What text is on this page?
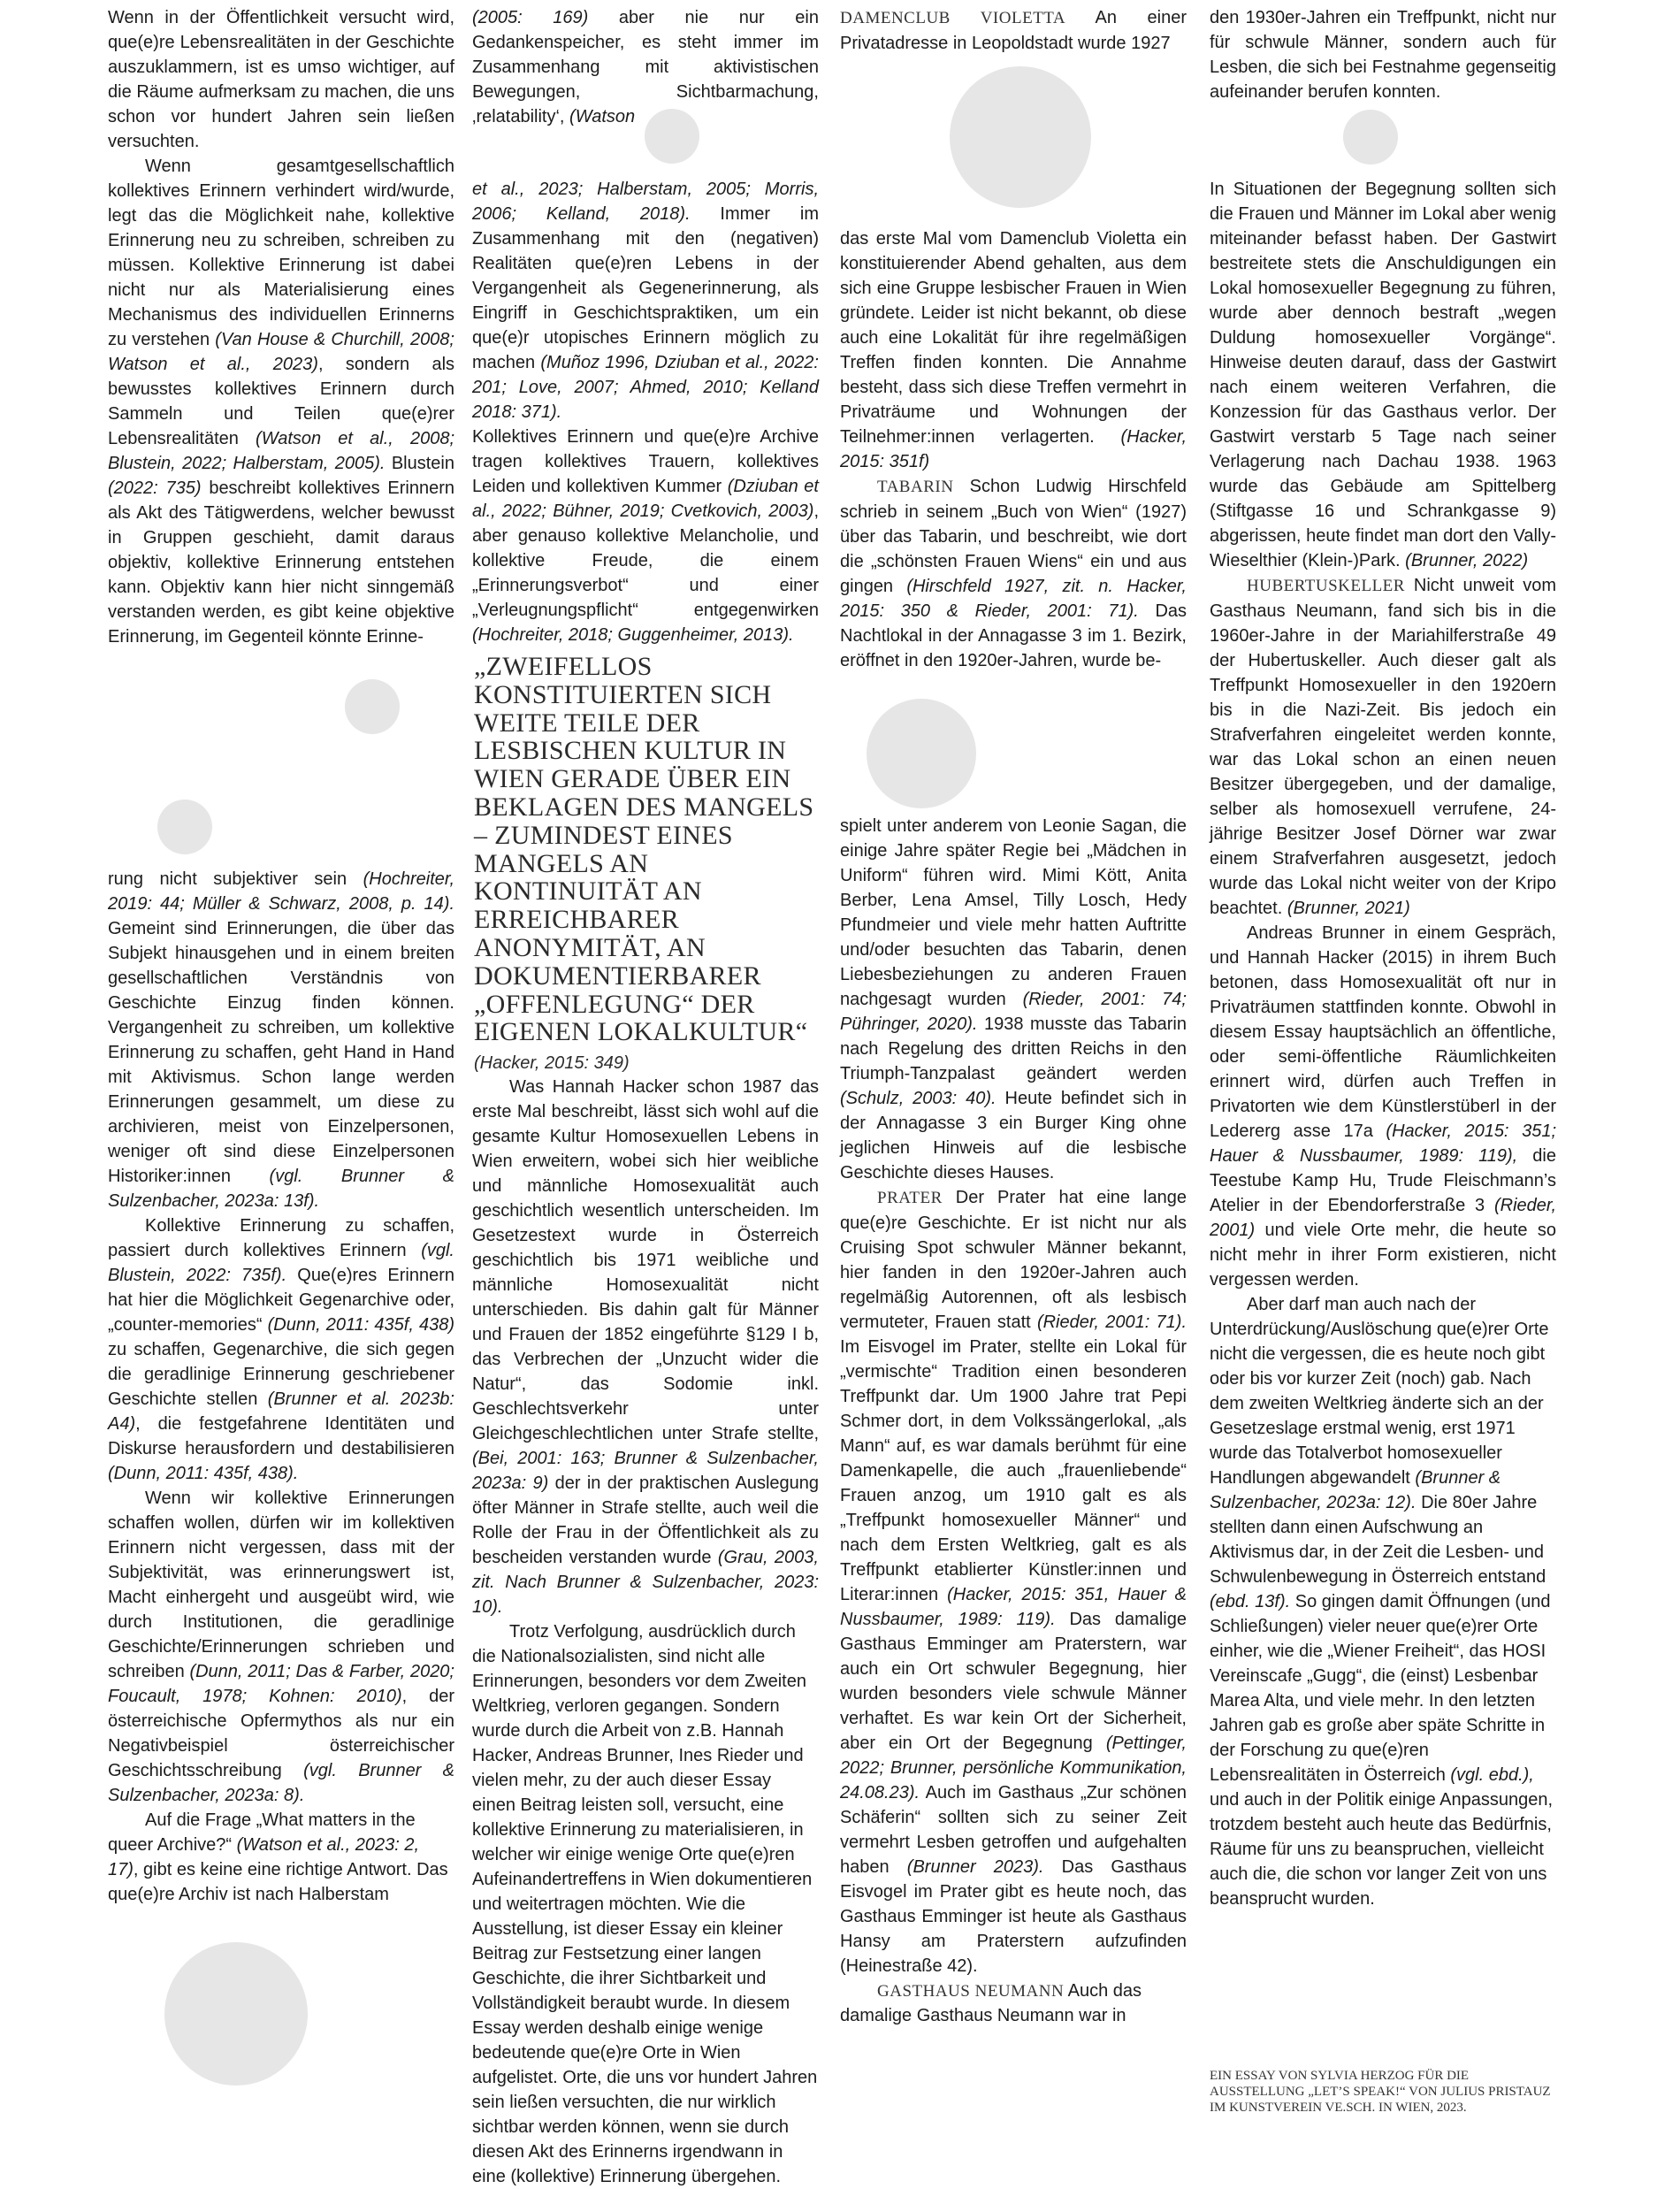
Wenn in der Öffentlichkeit versucht wird, que(e)re Lebensrealitäten in der Geschichte auszuklammern, ist es umso wichtiger, auf die Räume aufmerksam zu machen, die uns schon vor hundert Jahren sein ließen versuchten.

Wenn gesamtgesellschaftlich kollektives Erinnern verhindert wird/wurde, legt das die Möglichkeit nahe, kollektive Erinnerung neu zu schreiben, schreiben zu müssen. Kollektive Erinnerung ist dabei nicht nur als Materialisierung eines Mechanismus des individuellen Erinnerns zu verstehen (Van House & Churchill, 2008; Watson et al., 2023), sondern als bewusstes kollektives Erinnern durch Sammeln und Teilen que(e)rer Lebensrealitäten (Watson et al., 2008; Blustein, 2022; Halberstam, 2005). Blustein (2022: 735) beschreibt kollektives Erinnern als Akt des Tätigwerdens, welcher bewusst in Gruppen geschieht, damit daraus objektiv, kollektive Erinnerung entstehen kann. Objektiv kann hier nicht sinngemäß verstanden werden, es gibt keine objektive Erinnerung, im Gegenteil könnte Erinne-

rung nicht subjektiver sein (Hochreiter, 2019: 44; Müller & Schwarz, 2008, p. 14). Gemeint sind Erinnerungen, die über das Subjekt hinausgehen und in einem breiten gesellschaftlichen Verständnis von Geschichte Einzug finden können. Vergangenheit zu schreiben, um kollektive Erinnerung zu schaffen, geht Hand in Hand mit Aktivismus. Schon lange werden Erinnerungen gesammelt, um diese zu archivieren, meist von Einzelpersonen, weniger oft sind diese Einzelpersonen Historiker:innen (vgl. Brunner & Sulzenbacher, 2023a: 13f).

Kollektive Erinnerung zu schaffen, passiert durch kollektives Erinnern (vgl. Blustein, 2022: 735f). Que(e)res Erinnern hat hier die Möglichkeit Gegenarchive oder, „counter-memories“ (Dunn, 2011: 435f, 438) zu schaffen, Gegenarchive, die sich gegen die geradlinige Erinnerung geschriebener Geschichte stellen (Brunner et al. 2023b: A4), die festgefahrene Identitäten und Diskurse herausfordern und destabilisieren (Dunn, 2011: 435f, 438).

Wenn wir kollektive Erinnerungen schaffen wollen, dürfen wir im kollektiven Erinnern nicht vergessen, dass mit der Subjektivität, was erinnerungswert ist, Macht einhergeht und ausgeübt wird, wie durch Institutionen, die geradlinige Geschichte/Erinnerungen schrieben und schreiben (Dunn, 2011; Das & Farber, 2020; Foucault, 1978; Kohnen: 2010), der österreichische Opfermythos als nur ein Negativbeispiel österreichischer Geschichtsschreibung (vgl. Brunner & Sulzenbacher, 2023a: 8).

Auf die Frage „What matters in the queer Archive?“ (Watson et al., 2023: 2, 17), gibt es keine eine richtige Antwort. Das que(e)re Archiv ist nach Halberstam

(2005: 169) aber nie nur ein Gedankenspeicher, es steht immer im Zusammenhang mit aktivistischen Bewegungen, Sichtbarmachung, ‚relatability‘, (Watson

et al., 2023; Halberstam, 2005; Morris, 2006; Kelland, 2018). Immer im Zusammenhang mit den (negativen) Realitäten que(e)ren Lebens in der Vergangenheit als Gegenerinnerung, als Eingriff in Geschichtspraktiken, um ein que(e)r utopisches Erinnern möglich zu machen (Muñoz 1996, Dziuban et al., 2022: 201; Love, 2007; Ahmed, 2010; Kelland 2018: 371).

Kollektives Erinnern und que(e)re Archive tragen kollektives Trauern, kollektives Leiden und kollektiven Kummer (Dziuban et al., 2022; Bühner, 2019; Cvetkovich, 2003), aber genauso kollektive Melancholie, und kollektive Freude, die einem „Erinnerungsverbot“ und einer „Verleugnungspflicht“ entgegenwirken (Hochreiter, 2018; Guggenheimer, 2013).

„ZWEIFELLOS KONSTITUIERTEN SICH WEITE TEILE DER LESBISCHEN KULTUR IN WIEN GERADE ÜBER EIN BEKLAGEN DES MANGELS – ZUMINDEST EINES MANGELS AN KONTINUITÄT AN ERREICHBARER ANONYMITÄT, AN DOKUMENTIERBARER „OFFENLEGUNG“ DER EIGENEN LOKALKULTUR“ (Hacker, 2015: 349)

Was Hannah Hacker schon 1987 das erste Mal beschreibt, lässt sich wohl auf die gesamte Kultur Homosexuellen Lebens in Wien erweitern, wobei sich hier weibliche und männliche Homosexualität auch geschichtlich wesentlich unterscheiden. Im Gesetzestext wurde in Österreich geschichtlich bis 1971 weibliche und männliche Homosexualität nicht unterschieden. Bis dahin galt für Männer und Frauen der 1852 eingeführte §129 I b, das Verbrechen der „Unzucht wider die Natur“, das Sodomie inkl. Geschlechtsverkehr unter Gleichgeschlechtlichen unter Strafe stellte, (Bei, 2001: 163; Brunner & Sulzenbacher, 2023a: 9) der in der praktischen Auslegung öfter Männer in Strafe stellte, auch weil die Rolle der Frau in der Öffentlichkeit als zu bescheiden verstanden wurde (Grau, 2003, zit. Nach Brunner & Sulzenbacher, 2023: 10).

Trotz Verfolgung, ausdrücklich durch die Nationalsozialisten, sind nicht alle Erinnerungen, besonders vor dem Zweiten Weltkrieg, verloren gegangen. Sondern wurde durch die Arbeit von z.B. Hannah Hacker, Andreas Brunner, Ines Rieder und vielen mehr, zu der auch dieser Essay einen Beitrag leisten soll, versucht, eine kollektive Erinnerung zu materialisieren, in welcher wir einige wenige Orte que(e)ren Aufeinandertreffens in Wien dokumentieren und weitertragen möchten. Wie die Ausstellung, ist dieser Essay ein kleiner Beitrag zur Festsetzung einer langen Geschichte, die ihrer Sichtbarkeit und Vollständigkeit beraubt wurde. In diesem Essay werden deshalb einige wenige bedeutende que(e)re Orte in Wien aufgelistet. Orte, die uns vor hundert Jahren sein ließen versuchten, die nur wirklich sichtbar werden können, wenn sie durch diesen Akt des Erinnerns irgendwann in eine (kollektive) Erinnerung übergehen.

DAMENCLUB VIOLETTA An einer Privatadresse in Leopoldstadt wurde 1927

das erste Mal vom Damenclub Violetta ein konstituierender Abend gehalten, aus dem sich eine Gruppe lesbischer Frauen in Wien gründete. Leider ist nicht bekannt, ob diese auch eine Lokalität für ihre regelmäßigen Treffen finden konnten. Die Annahme besteht, dass sich diese Treffen vermehrt in Privaträume und Wohnungen der Teilnehmer:innen verlagerten. (Hacker, 2015: 351f)

TABARIN Schon Ludwig Hirschfeld schrieb in seinem „Buch von Wien“ (1927) über das Tabarin, und beschreibt, wie dort die „schönsten Frauen Wiens“ ein und aus gingen (Hirschfeld 1927, zit. n. Hacker, 2015: 350 & Rieder, 2001: 71). Das Nachtlokal in der Annagasse 3 im 1. Bezirk, eröffnet in den 1920er-Jahren, wurde be-

spielt unter anderem von Leonie Sagan, die einige Jahre später Regie bei „Mädchen in Uniform“ führen wird. Mimi Kött, Anita Berber, Lena Amsel, Tilly Losch, Hedy Pfundmeier und viele mehr hatten Auftritte und/oder besuchten das Tabarin, denen Liebesbeziehungen zu anderen Frauen nachgesagt wurden (Rieder, 2001: 74; Pühringer, 2020). 1938 musste das Tabarin nach Regelung des dritten Reichs in den Triumph-Tanzpalast geändert werden (Schulz, 2003: 40). Heute befindet sich in der Annagasse 3 ein Burger King ohne jeglichen Hinweis auf die lesbische Geschichte dieses Hauses.

PRATER Der Prater hat eine lange que(e)re Geschichte. Er ist nicht nur als Cruising Spot schwuler Männer bekannt, hier fanden in den 1920er-Jahren auch regelmäßig Autorennen, oft als lesbisch vermuteter, Frauen statt (Rieder, 2001: 71). Im Eisvogel im Prater, stellte ein Lokal für „vermischte“ Tradition einen besonderen Treffpunkt dar. Um 1900 Jahre trat Pepi Schmer dort, in dem Volkssängerlokal, „als Mann“ auf, es war damals berühmt für eine Damenkapelle, die auch „frauenliebende“ Frauen anzog, um 1910 galt es als „Treffpunkt homosexueller Männer“ und nach dem Ersten Weltkrieg, galt es als Treffpunkt etablierter Künstler:innen und Literar:innen (Hacker, 2015: 351, Hauer & Nussbaumer, 1989: 119). Das damalige Gasthaus Emminger am Praterstern, war auch ein Ort schwuler Begegnung, hier wurden besonders viele schwule Männer verhaftet. Es war kein Ort der Sicherheit, aber ein Ort der Begegnung (Pettinger, 2022; Brunner, persönliche Kommunikation, 24.08.23). Auch im Gasthaus „Zur schönen Schäferin“ sollten sich zu seiner Zeit vermehrt Lesben getroffen und aufgehalten haben (Brunner 2023). Das Gasthaus Eisvogel im Prater gibt es heute noch, das Gasthaus Emminger ist heute als Gasthaus Hansy am Praterstern aufzufinden (Heinestraße 42).

GASTHAUS NEUMANN Auch das damalige Gasthaus Neumann war in

den 1930er-Jahren ein Treffpunkt, nicht nur für schwule Männer, sondern auch für Lesben, die sich bei Festnahme gegenseitig aufeinander berufen konnten.

In Situationen der Begegnung sollten sich die Frauen und Männer im Lokal aber wenig miteinander befasst haben. Der Gastwirt bestreitete stets die Anschuldigungen ein Lokal homosexueller Begegnung zu führen, wurde aber dennoch bestraft „wegen Duldung homosexueller Vorgänge“. Hinweise deuten darauf, dass der Gastwirt nach einem weiteren Verfahren, die Konzession für das Gasthaus verlor. Der Gastwirt verstarb 5 Tage nach seiner Verlagerung nach Dachau 1938. 1963 wurde das Gebäude am Spittelberg (Stiftgasse 16 und Schrankgasse 9) abgerissen, heute findet man dort den Vally-Wieselthier (Klein-)Park. (Brunner, 2022)

HUBERTUSKELLER Nicht unweit vom Gasthaus Neumann, fand sich bis in die 1960er-Jahre in der Mariahilferstraße 49 der Hubertuskeller. Auch dieser galt als Treffpunkt Homosexueller in den 1920ern bis in die Nazi-Zeit. Bis jedoch ein Strafverfahren eingeleitet werden konnte, war das Lokal schon an einen neuen Besitzer übergegeben, und der damalige, selber als homosexuell verrufene, 24-jährige Besitzer Josef Dörner war zwar einem Strafverfahren ausgesetzt, jedoch wurde das Lokal nicht weiter von der Kripo beachtet. (Brunner, 2021)

Andreas Brunner in einem Gespräch, und Hannah Hacker (2015) in ihrem Buch betonen, dass Homosexualität oft nur in Privaträumen stattfinden konnte. Obwohl in diesem Essay hauptsächlich an öffentliche, oder semi-öffentliche Räumlichkeiten erinnert wird, dürfen auch Treffen in Privatorten wie dem Künstlerstüberl in der Ledererg asse 17a (Hacker, 2015: 351; Hauer & Nussbaumer, 1989: 119), die Teestube Kamp Hu, Trude Fleischmann’s Atelier in der Ebendorferstraße 3 (Rieder, 2001) und viele Orte mehr, die heute so nicht mehr in ihrer Form existieren, nicht vergessen werden.

Aber darf man auch nach der Unterdrückung/Auslöschung que(e)rer Orte nicht die vergessen, die es heute noch gibt oder bis vor kurzer Zeit (noch) gab. Nach dem zweiten Weltkrieg änderte sich an der Gesetzeslage erstmal wenig, erst 1971 wurde das Totalverbot homosexueller Handlungen abgewandelt (Brunner & Sulzenbacher, 2023a: 12). Die 80er Jahre stellten dann einen Aufschwung an Aktivismus dar, in der Zeit die Lesben- und Schwulenbewegung in Österreich entstand (ebd. 13f). So gingen damit Öffnungen (und Schließungen) vieler neuer que(e)rer Orte einher, wie die „Wiener Freiheit“, das HOSI Vereinscafe „Gugg“, die (einst) Lesbenbar Marea Alta, und viele mehr. In den letzten Jahren gab es große aber späte Schritte in der Forschung zu que(e)ren Lebensrealitäten in Österreich (vgl. ebd.), und auch in der Politik einige Anpassungen, trotzdem besteht auch heute das Bedürfnis, Räume für uns zu beanspruchen, vielleicht auch die, die schon vor langer Zeit von uns beansprucht wurden.

EIN ESSAY VON SYLVIA HERZOG FÜR DIE AUSSTELLUNG „LET’S SPEAK!“ VON JULIUS PRISTAUZ IM KUNSTVEREIN VE.SCH. IN WIEN, 2023.
